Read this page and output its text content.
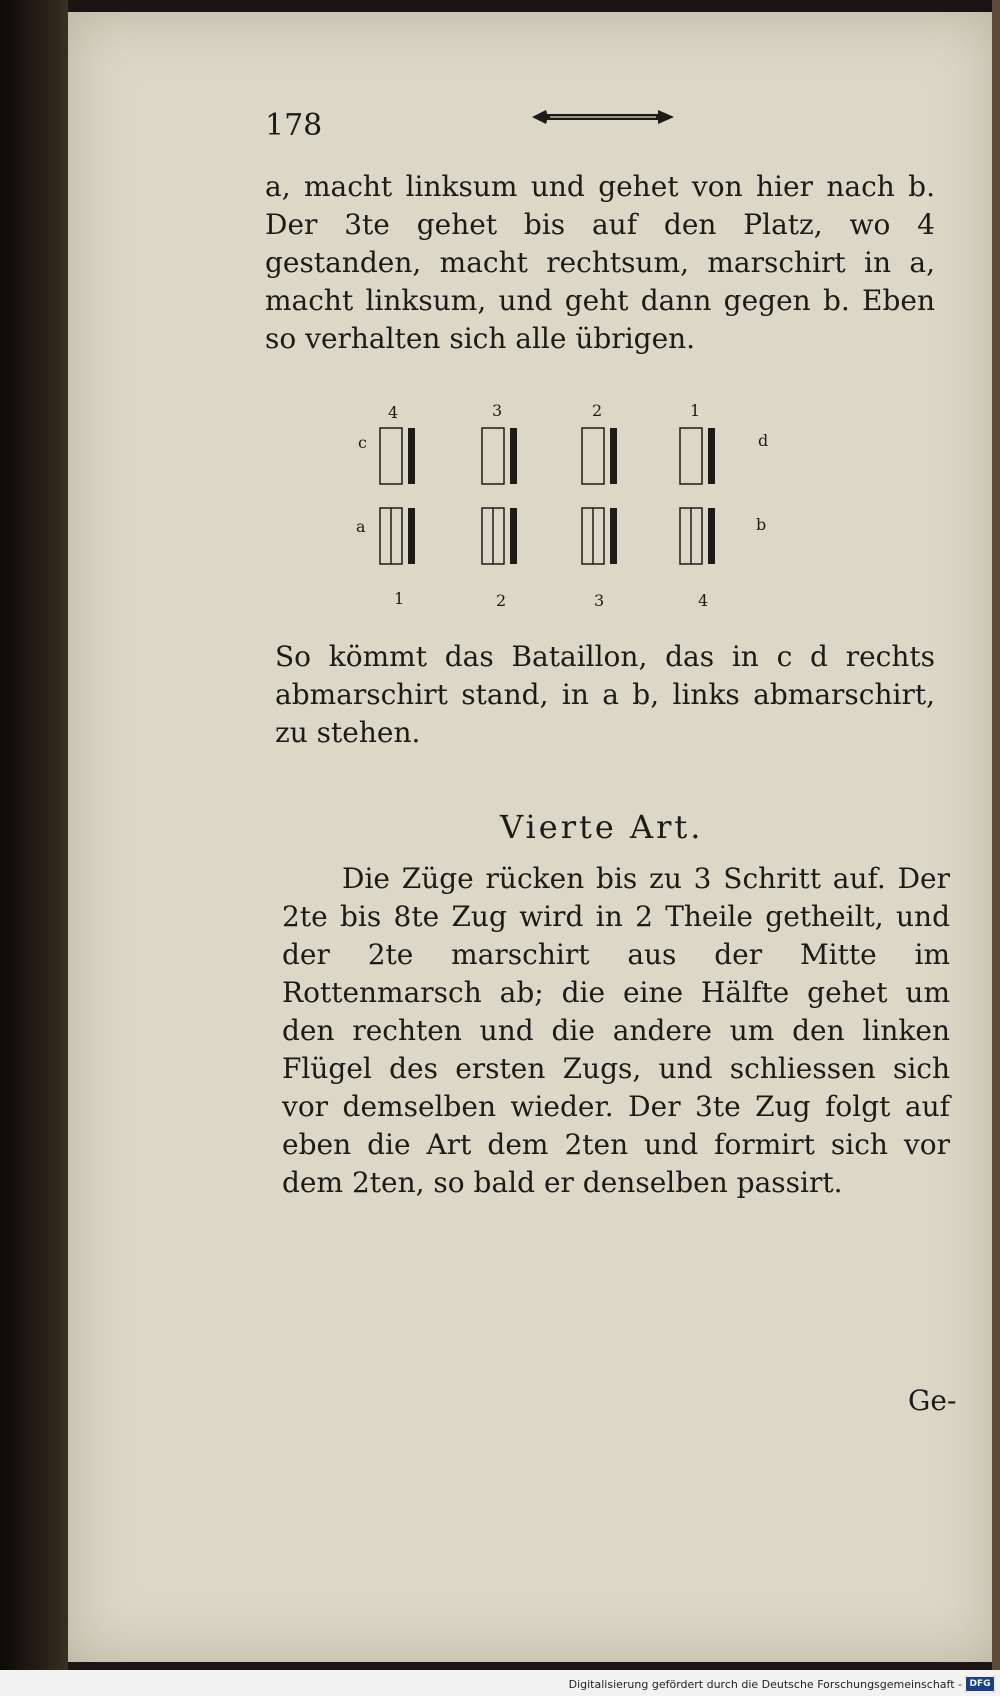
178
a, macht linksum und gehet von hier nach b. Der 3te gehet bis auf den Platz, wo 4 gestanden, macht rechtsum, marschirt in a, macht linksum, und geht dann gegen b. Eben so verhalten sich alle übrigen.
4	3	2	1
c	d
a	b
1	2	3	4
So kömmt das Bataillon, das in c d rechts abmarschirt stand, in a b, links abmarschirt, zu stehen.
Vierte Art.
Die Züge rücken bis zu 3 Schritt auf. Der 2te bis 8te Zug wird in 2 Theile getheilt, und der 2te marschirt aus der Mitte im Rottenmarsch ab; die eine Hälfte gehet um den rechten und die andere um den linken Flügel des ersten Zugs, und schliessen sich vor demselben wieder. Der 3te Zug folgt auf eben die Art dem 2ten und formirt sich vor dem 2ten, so bald er denselben passirt.
Ge-
Digitalisierung gefördert durch die Deutsche Forschungsgemeinschaft - DFG
